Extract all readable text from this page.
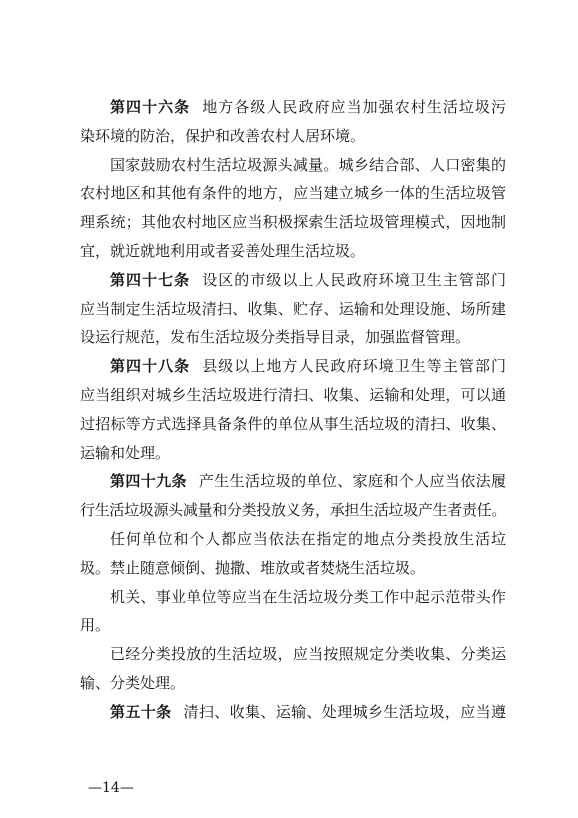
第四十六条 地方各级人民政府应当加强农村生活垃圾污
染环境的防治，保护和改善农村人居环境。
国家鼓励农村生活垃圾源头减量。城乡结合部、人口密集的
农村地区和其他有条件的地方，应当建立城乡一体的生活垃圾管
理系统；其他农村地区应当积极探索生活垃圾管理模式，因地制
宜，就近就地利用或者妥善处理生活垃圾。
第四十七条 设区的市级以上人民政府环境卫生主管部门
应当制定生活垃圾清扫、收集、贮存、运输和处理设施、场所建
设运行规范，发布生活垃圾分类指导目录，加强监督管理。
第四十八条 县级以上地方人民政府环境卫生等主管部门
应当组织对城乡生活垃圾进行清扫、收集、运输和处理，可以通
过招标等方式选择具备条件的单位从事生活垃圾的清扫、收集、
运输和处理。
第四十九条 产生生活垃圾的单位、家庭和个人应当依法履
行生活垃圾源头减量和分类投放义务，承担生活垃圾产生者责任。
任何单位和个人都应当依法在指定的地点分类投放生活垃
圾。禁止随意倾倒、抛撒、堆放或者焚烧生活垃圾。
机关、事业单位等应当在生活垃圾分类工作中起示范带头作
用。
已经分类投放的生活垃圾，应当按照规定分类收集、分类运
输、分类处理。
第五十条 清扫、收集、运输、处理城乡生活垃圾，应当遵
—14—
